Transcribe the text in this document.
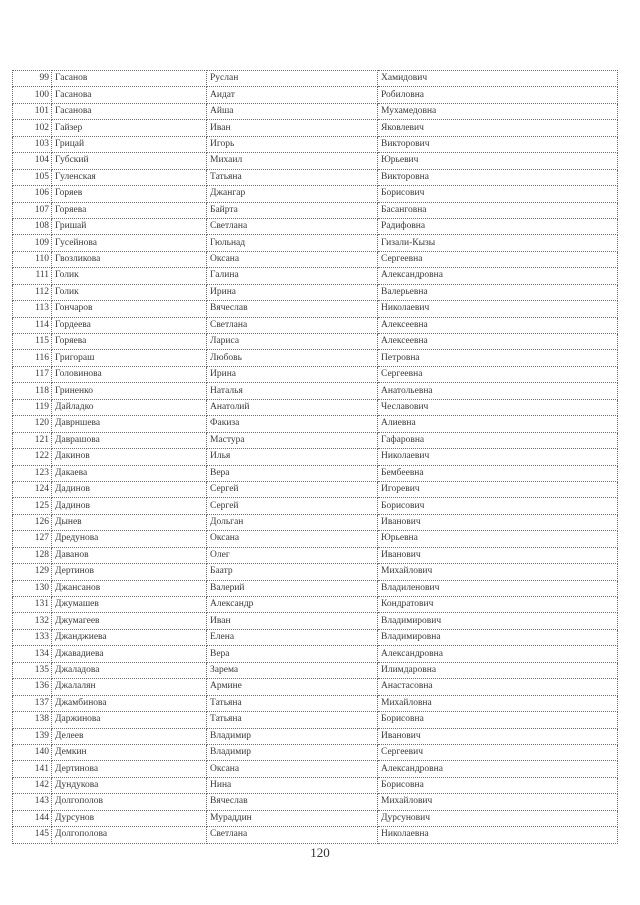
99	Гасанов	Руслан	Хамидович
100	Гасанова	Аидат	Робиловна
101	Гасанова	Айша	Мухамедовна
102	Гайзер	Иван	Яковлевич
103	Грицай	Игорь	Викторович
104	Губский	Михаил	Юрьевич
105	Гуленская	Татьяна	Викторовна
106	Горяев	Джангар	Борисович
107	Горяева	Байрта	Басанговна
108	Гришай	Светлана	Радифовна
109	Гусейнова	Гюльнад	Гизали-Кызы
110	Гвозликова	Оксана	Сергеевна
111	Голик	Галина	Александровна
112	Голик	Ирина	Валерьевна
113	Гончаров	Вячеслав	Николаевич
114	Гордеева	Светлана	Алексеевна
115	Горяева	Лариса	Алексеевна
116	Григораш	Любовь	Петровна
117	Головинова	Ирина	Сергеевна
118	Гриненко	Наталья	Анатольевна
119	Дайладко	Анатолий	Чеславович
120	Даврншева	Факиза	Алиевна
121	Даврашова	Мастура	Гафаровна
122	Дакинов	Илья	Николаевич
123	Дакаева	Вера	Бембеевна
124	Дадинов	Сергей	Игоревич
125	Дадинов	Сергей	Борисович
126	Дынев	Дольган	Иванович
127	Дредунова	Оксана	Юрьевна
128	Даванов	Олег	Иванович
129	Дертинов	Баатр	Михайлович
130	Джансанов	Валерий	Владиленович
131	Джумашев	Александр	Кондратович
132	Джумагеев	Иван	Владимирович
133	Джанджиева	Елена	Владимировна
134	Джавадиева	Вера	Александровна
135	Джаладова	Зарема	Илимдаровна
136	Джалалян	Армине	Анастасовна
137	Джамбинова	Татьяна	Михайловна
138	Даржинова	Татьяна	Борисовна
139	Делеев	Владимир	Иванович
140	Демкин	Владимир	Сергеевич
141	Дертинова	Оксана	Александровна
142	Дундукова	Нина	Борисовна
143	Долгополов	Вячеслав	Михайлович
144	Дурсунов	Мураддин	Дурсунович
145	Долгополова	Светлана	Николаевна
120
